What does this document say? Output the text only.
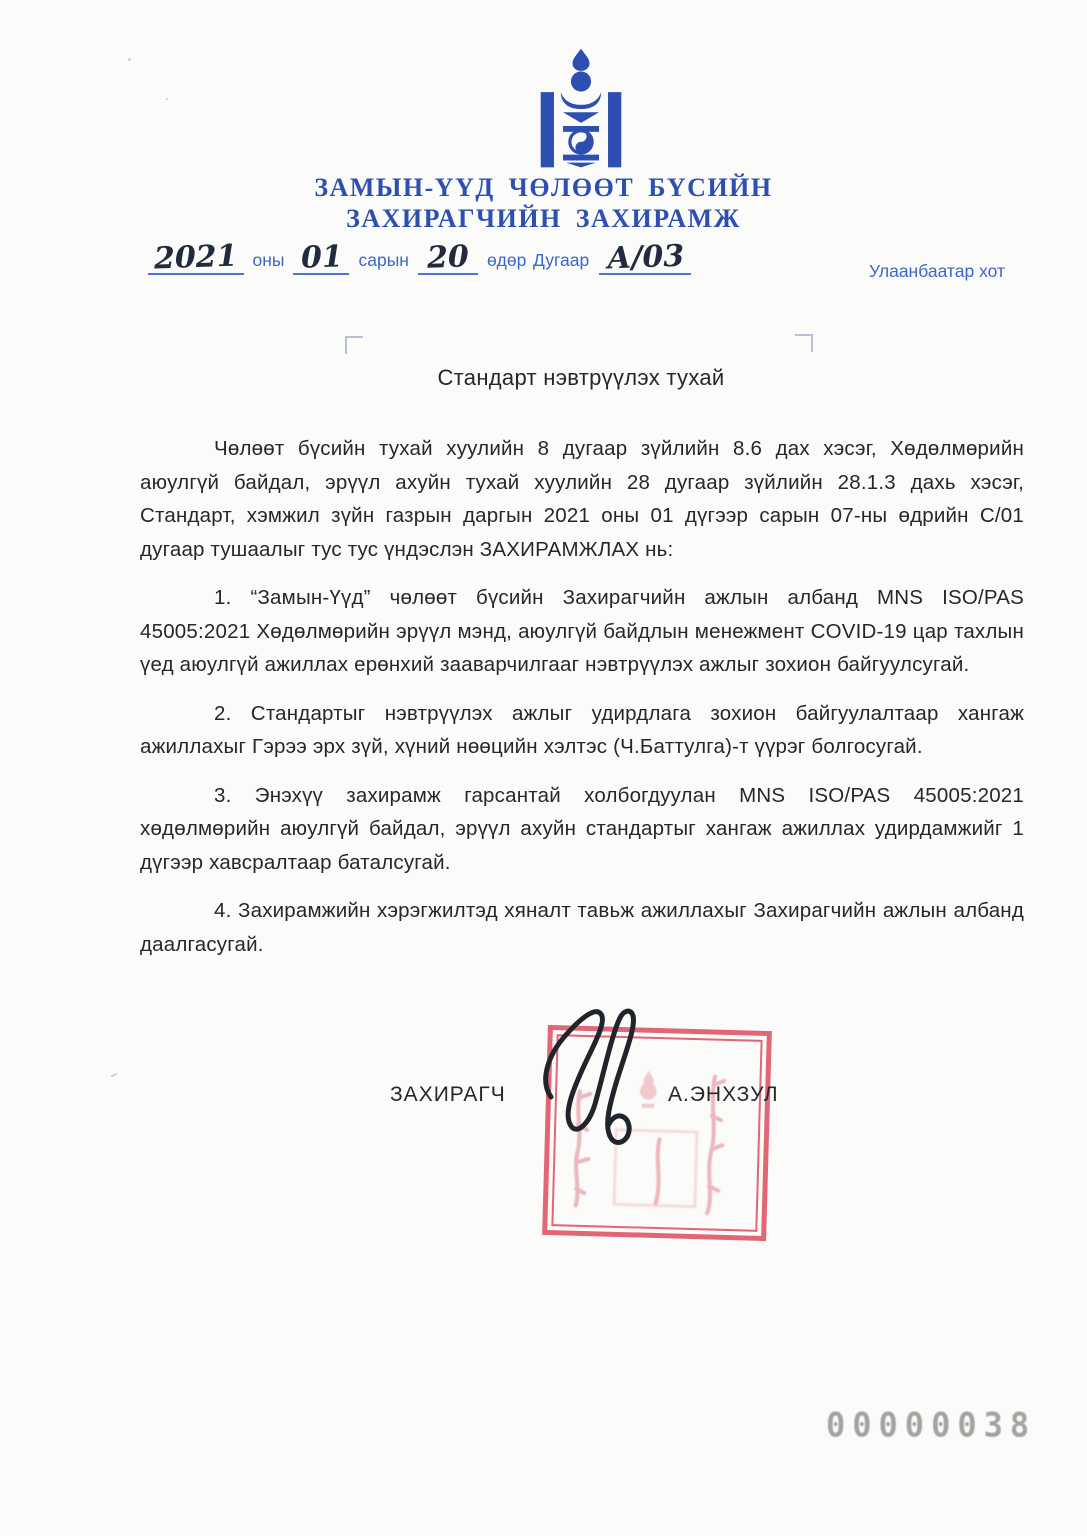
ЗАМЫН-ҮҮД ЧӨЛӨӨТ БҮСИЙН
ЗАХИРАГЧИЙН ЗАХИРАМЖ
2021 оны 01 сарын 20	өдөр Дугаар А/03	Улаанбаатар хот
Стандарт нэвтрүүлэх тухай

Чөлөөт бүсийн тухай хуулийн 8 дугаар зүйлийн 8.6 дах хэсэг, Хөдөлмөрийн аюулгүй байдал, эрүүл ахуйн тухай хуулийн 28 дугаар зүйлийн 28.1.3 дахь хэсэг, Стандарт, хэмжил зүйн газрын даргын 2021 оны 01 дүгээр сарын 07-ны өдрийн С/01 дугаар тушаалыг тус тус үндэслэн ЗАХИРАМЖЛАХ нь:

1. “Замын-Үүд” чөлөөт бүсийн Захирагчийн ажлын албанд MNS ISO/PAS 45005:2021 Хөдөлмөрийн эрүүл мэнд, аюулгүй байдлын менежмент COVID-19 цар тахлын үед аюулгүй ажиллах ерөнхий зааварчилгааг нэвтрүүлэх ажлыг зохион байгуулсугай.

2. Стандартыг нэвтрүүлэх ажлыг удирдлага зохион байгуулалтаар хангаж ажиллахыг Гэрээ эрх зүй, хүний нөөцийн хэлтэс (Ч.Баттулга)-т үүрэг болгосугай.

3. Энэхүү захирамж гарсантай холбогдуулан MNS ISO/PAS 45005:2021 хөдөлмөрийн аюулгүй байдал, эрүүл ахуйн стандартыг хангаж ажиллах удирдамжийг 1 дүгээр хавсралтаар баталсугай.

4. Захирамжийн хэрэгжилтэд хяналт тавьж ажиллахыг Захирагчийн ажлын албанд даалгасугай.

ЗАХИРАГЧ	А.ЭНХЗУЛ
00000038
